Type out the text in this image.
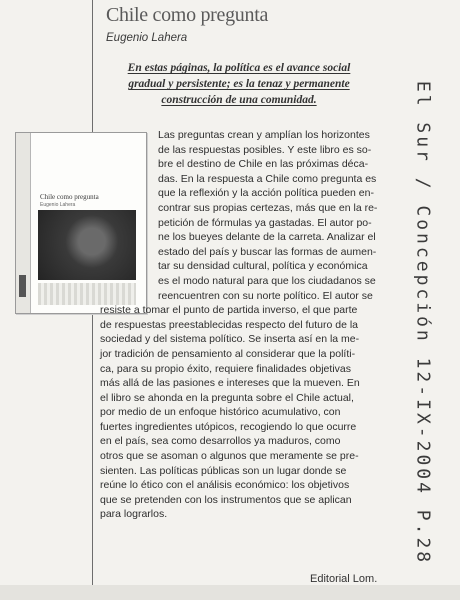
Chile como pregunta
Eugenio Lahera
En estas páginas, la política es el avance social gradual y persistente; es la tenaz y permanente construcción de una comunidad.
Chile como pregunta
Eugenio Lahera
Las preguntas crean y amplían los horizontes
de las respuestas posibles. Y este libro es so-
bre el destino de Chile en las próximas déca-
das. En la respuesta a Chile como pregunta es
que la reflexión y la acción política pueden en-
contrar sus propias certezas, más que en la re-
petición de fórmulas ya gastadas. El autor po-
ne los bueyes delante de la carreta. Analizar el
estado del país y buscar las formas de aumen-
tar su densidad cultural, política y económica
es el modo natural para que los ciudadanos se
reencuentren con su norte político. El autor se
resiste a tomar el punto de partida inverso, el que parte
de respuestas preestablecidas respecto del futuro de la
sociedad y del sistema político. Se inserta así en la me-
jor tradición de pensamiento al considerar que la políti-
ca, para su propio éxito, requiere finalidades objetivas
más allá de las pasiones e intereses que la mueven. En
el libro se ahonda en la pregunta sobre el Chile actual,
por medio de un enfoque histórico acumulativo, con
fuertes ingredientes utópicos, recogiendo lo que ocurre
en el país, sea como desarrollos ya maduros, como
otros que se asoman o algunos que meramente se pre-
sienten. Las políticas públicas son un lugar donde se
reúne lo ético con el análisis económico: los objetivos
que se pretenden con los instrumentos que se aplican
para lograrlos.
Editorial Lom.
El Sur / Concepción 12-IX-2004 P.28
